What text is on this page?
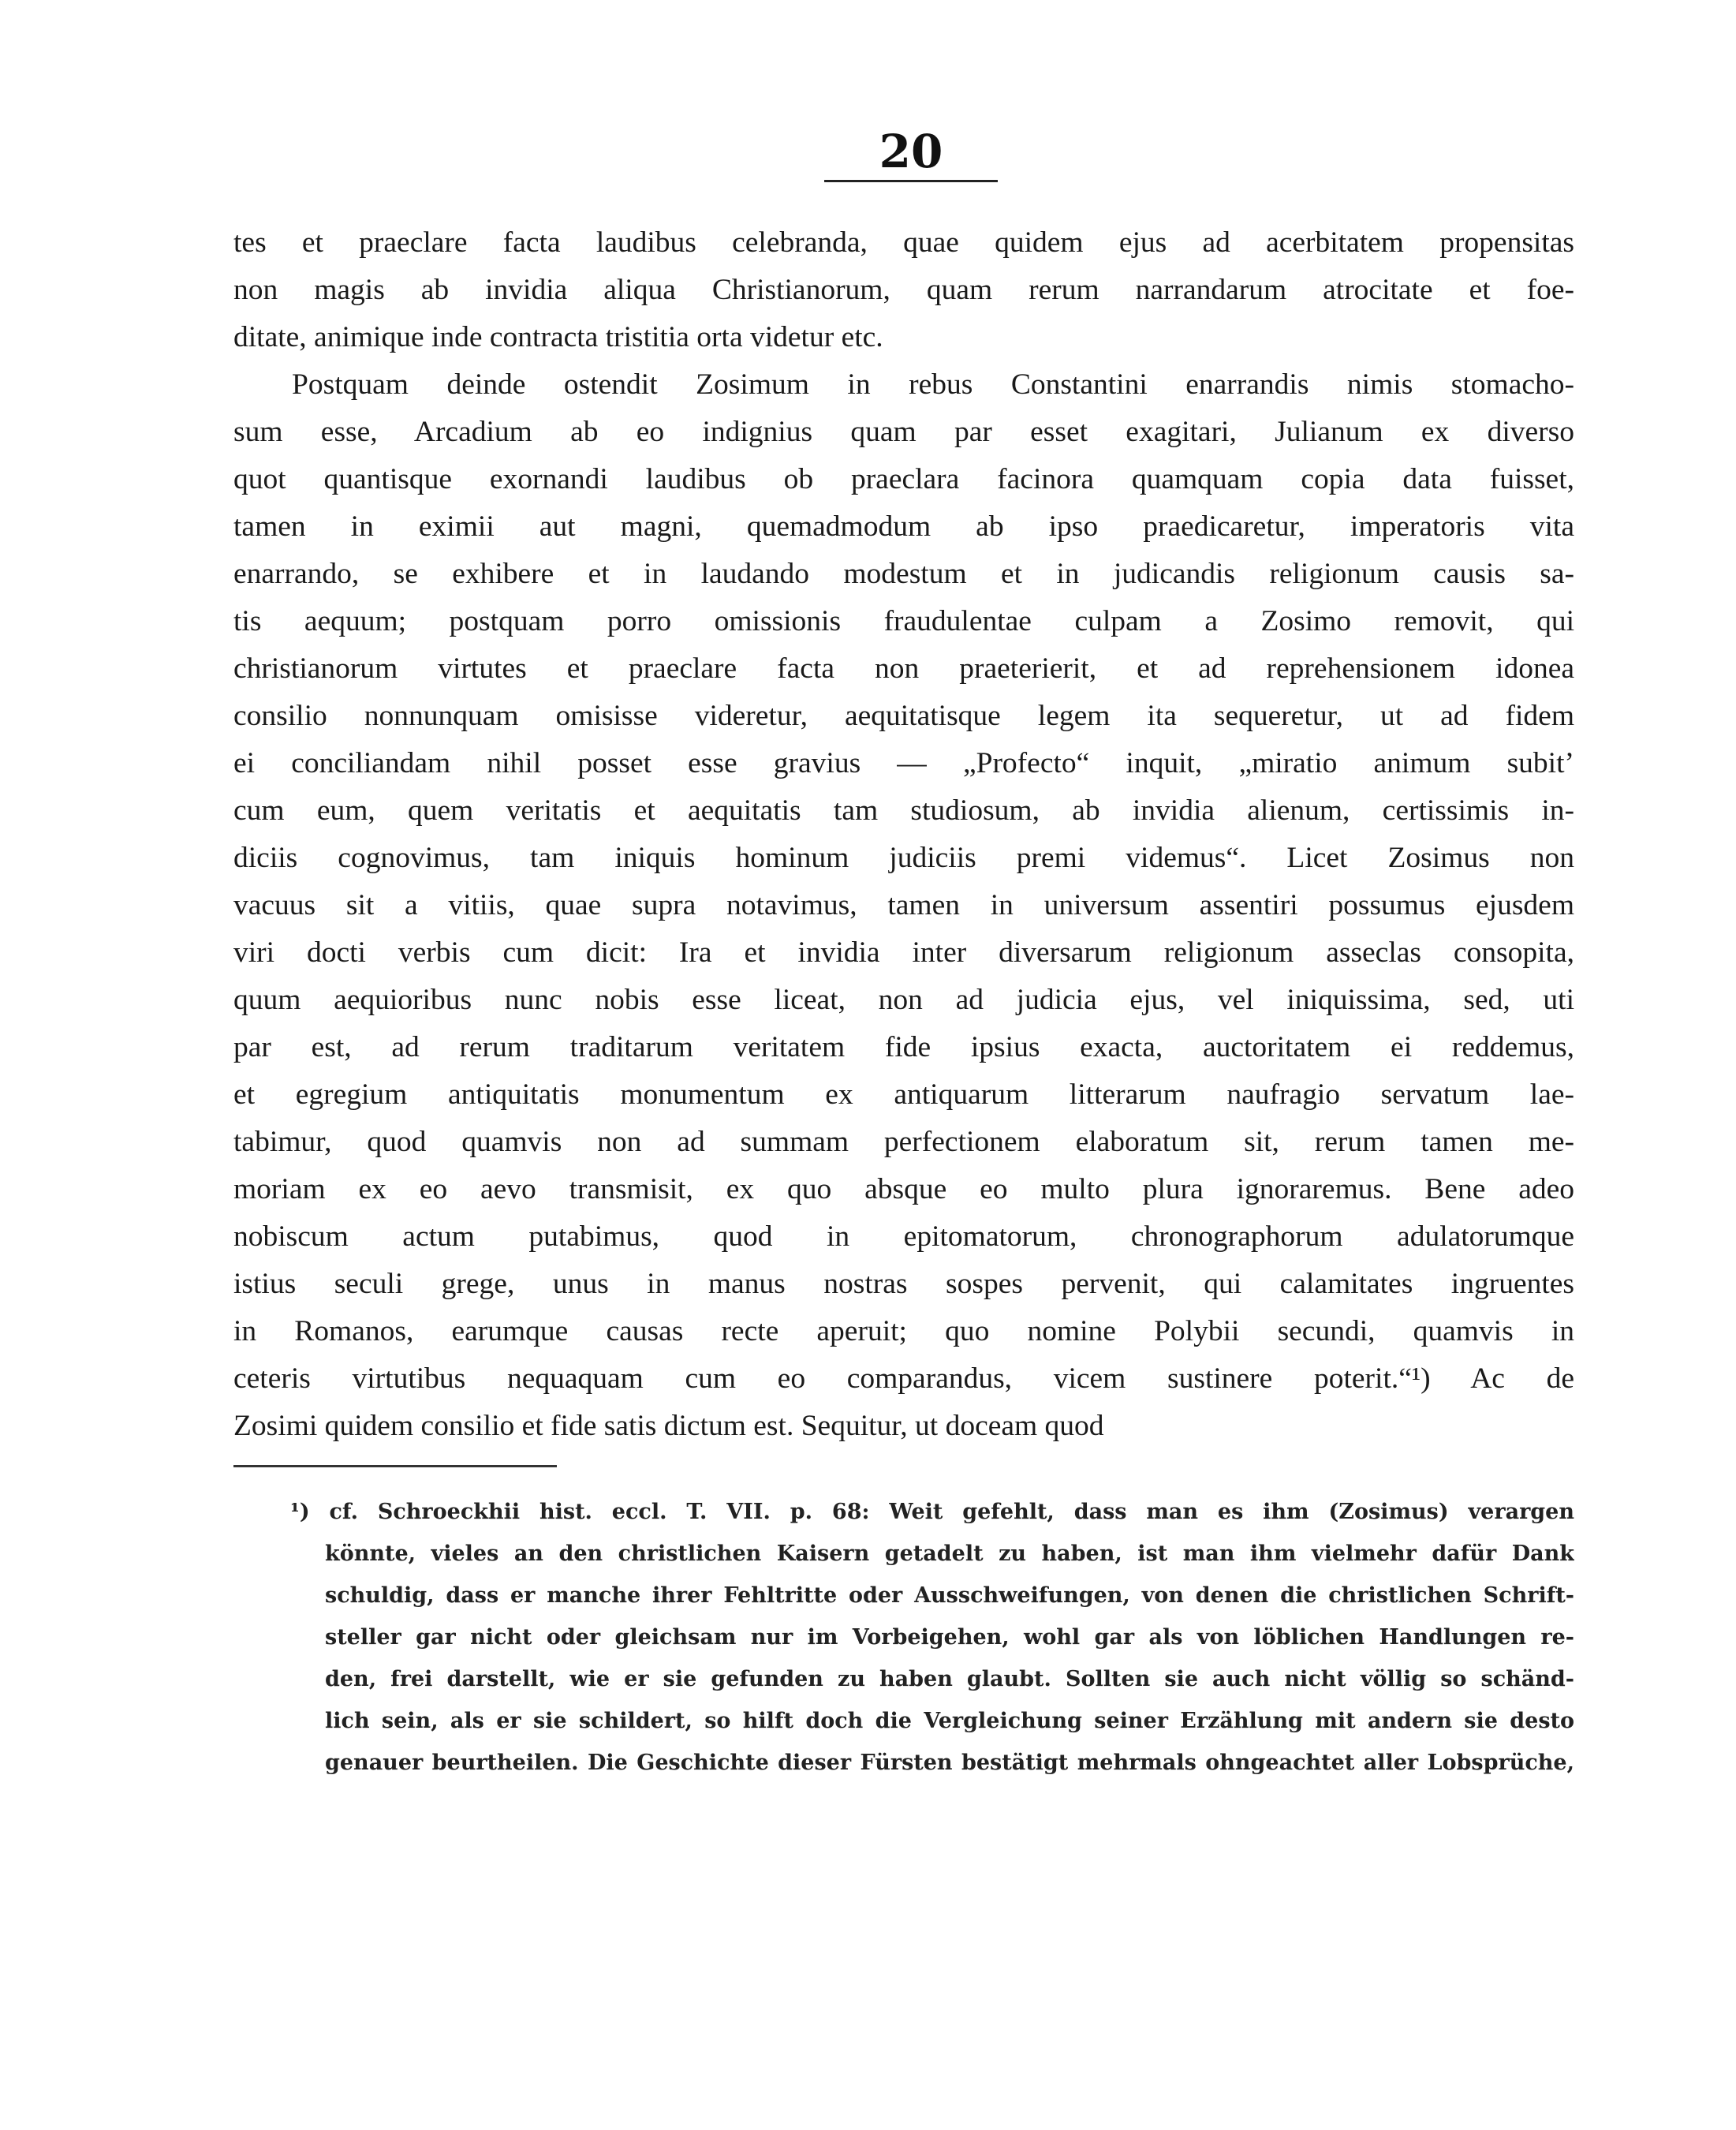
20
tes et praeclare facta laudibus celebranda, quae quidem ejus ad acerbitatem propensitas
non magis ab invidia aliqua Christianorum, quam rerum narrandarum atrocitate et foe-
ditate, animique inde contracta tristitia orta videtur etc.
Postquam deinde ostendit Zosimum in rebus Constantini enarrandis nimis stomacho-
sum esse, Arcadium ab eo indignius quam par esset exagitari, Julianum ex diverso
quot quantisque exornandi laudibus ob praeclara facinora quamquam copia data fuisset,
tamen in eximii aut magni, quemadmodum ab ipso praedicaretur, imperatoris vita
enarrando, se exhibere et in laudando modestum et in judicandis religionum causis sa-
tis aequum; postquam porro omissionis fraudulentae culpam a Zosimo removit, qui
christianorum virtutes et praeclare facta non praeterierit, et ad reprehensionem idonea
consilio nonnunquam omisisse videretur, aequitatisque legem ita sequeretur, ut ad fidem
ei conciliandam nihil posset esse gravius — „Profecto“ inquit, „miratio animum subit’
cum eum, quem veritatis et aequitatis tam studiosum, ab invidia alienum, certissimis in-
diciis cognovimus, tam iniquis hominum judiciis premi videmus“. Licet Zosimus non
vacuus sit a vitiis, quae supra notavimus, tamen in universum assentiri possumus ejusdem
viri docti verbis cum dicit: Ira et invidia inter diversarum religionum asseclas consopita,
quum aequioribus nunc nobis esse liceat, non ad judicia ejus, vel iniquissima, sed, uti
par est, ad rerum traditarum veritatem fide ipsius exacta, auctoritatem ei reddemus,
et egregium antiquitatis monumentum ex antiquarum litterarum naufragio servatum lae-
tabimur, quod quamvis non ad summam perfectionem elaboratum sit, rerum tamen me-
moriam ex eo aevo transmisit, ex quo absque eo multo plura ignoraremus. Bene adeo
nobiscum actum putabimus, quod in epitomatorum, chronographorum adulatorumque
istius seculi grege, unus in manus nostras sospes pervenit, qui calamitates ingruentes
in Romanos, earumque causas recte aperuit; quo nomine Polybii secundi, quamvis in
ceteris virtutibus nequaquam cum eo comparandus, vicem sustinere poterit.“¹) Ac de
Zosimi quidem consilio et fide satis dictum est. Sequitur, ut doceam quod
¹) cf. Schroeckhii hist. eccl. T. VII. p. 68: Weit gefehlt, dass man es ihm (Zosimus) verargen
könnte, vieles an den christlichen Kaisern getadelt zu haben, ist man ihm vielmehr dafür Dank
schuldig, dass er manche ihrer Fehltritte oder Ausschweifungen, von denen die christlichen Schrift-
steller gar nicht oder gleichsam nur im Vorbeigehen, wohl gar als von löblichen Handlungen re-
den, frei darstellt, wie er sie gefunden zu haben glaubt. Sollten sie auch nicht völlig so schänd-
lich sein, als er sie schildert, so hilft doch die Vergleichung seiner Erzählung mit andern sie desto
genauer beurtheilen. Die Geschichte dieser Fürsten bestätigt mehrmals ohngeachtet aller Lobsprüche,
